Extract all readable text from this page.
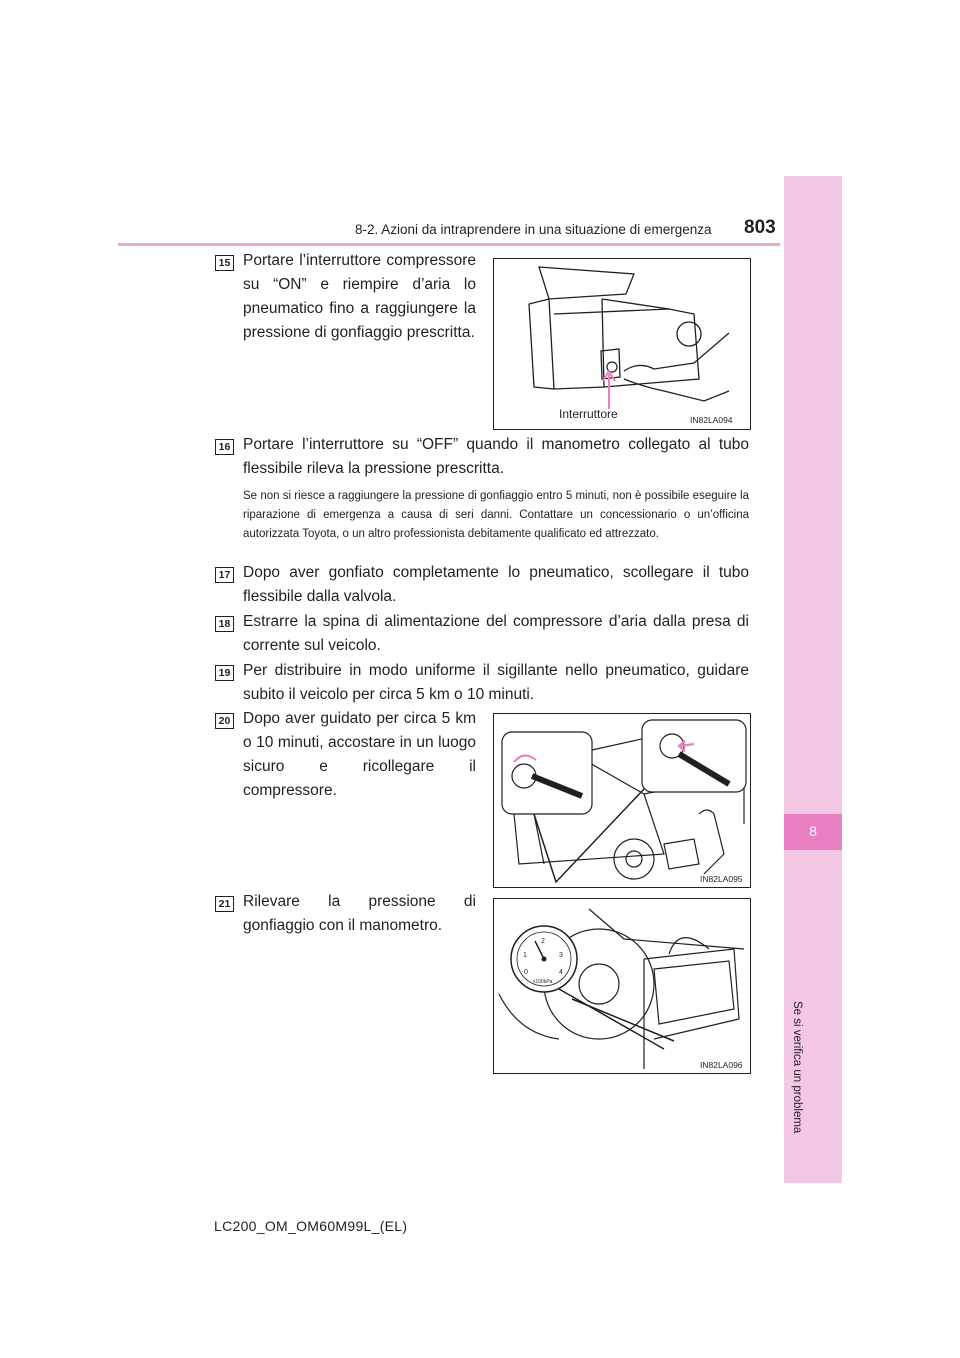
8-2. Azioni da intraprendere in una situazione di emergenza 803
8
Se si verifica un problema
15 Portare l’interruttore compressore su “ON” e riempire d’aria lo pneumatico fino a raggiungere la pressione di gonfiaggio prescritta.
Interruttore	IN82LA094
16 Portare l’interruttore su “OFF” quando il manometro collegato al tubo flessibile rileva la pressione prescritta.
Se non si riesce a raggiungere la pressione di gonfiaggio entro 5 minuti, non è possibile eseguire la riparazione di emergenza a causa di seri danni. Contattare un concessionario o un’officina autorizzata Toyota, o un altro professionista debitamente qualificato ed attrezzato.
17 Dopo aver gonfiato completamente lo pneumatico, scollegare il tubo flessibile dalla valvola.
18 Estrarre la spina di alimentazione del compressore d’aria dalla presa di corrente sul veicolo.
19 Per distribuire in modo uniforme il sigillante nello pneumatico, guidare subito il veicolo per circa 5 km o 10 minuti.
20 Dopo aver guidato per circa 5 km o 10 minuti, accostare in un luogo sicuro e ricollegare il compressore.
IN82LA095
21 Rilevare la pressione di gonfiaggio con il manometro.
1
2
3
4
0
x100kPa
IN82LA096
LC200_OM_OM60M99L_(EL)
